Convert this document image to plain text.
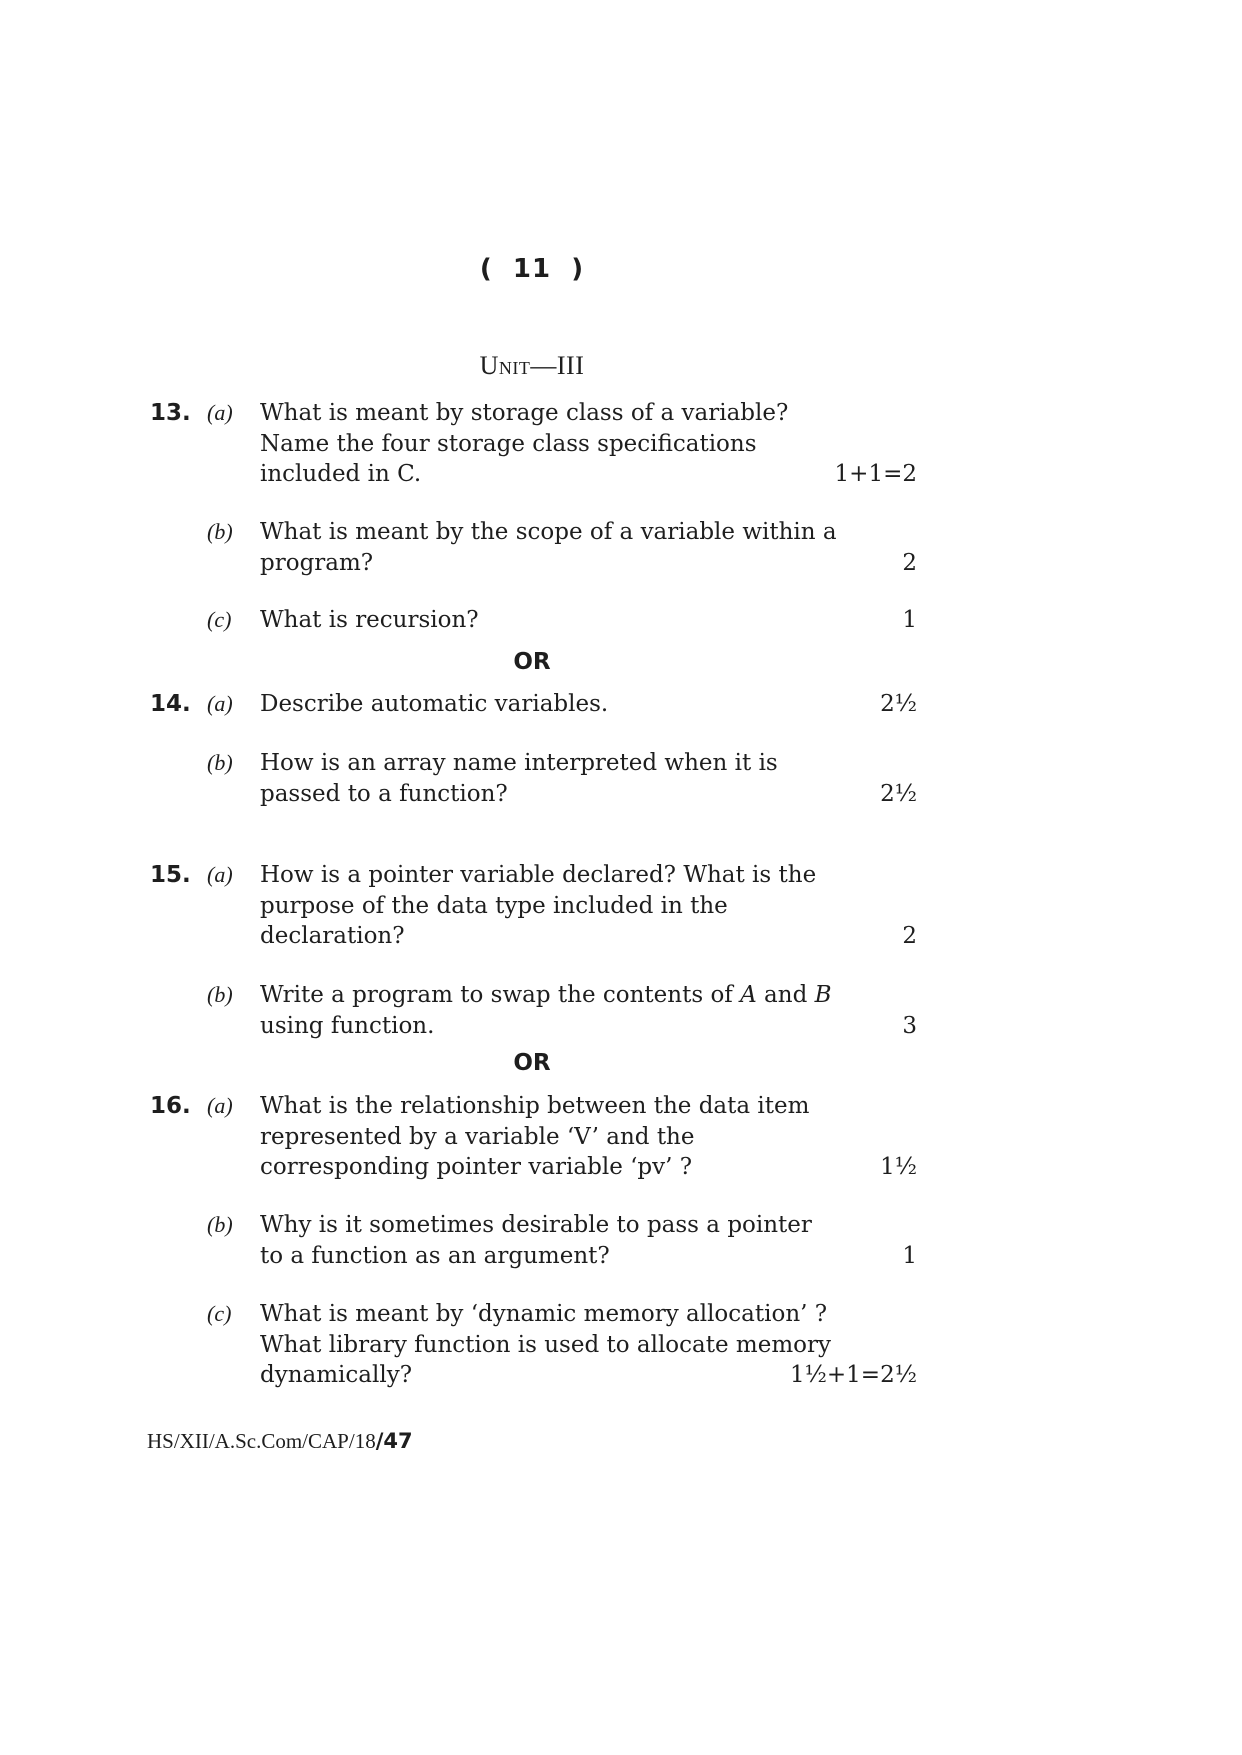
( 11 )
Unit—III
13. (a) What is meant by storage class of a variable?
Name the four storage class specifications
included in C.	1+1=2
(b) What is meant by the scope of a variable within a
program?	2
(c) What is recursion?	1
OR
14. (a) Describe automatic variables.	2½
(b) How is an array name interpreted when it is
passed to a function?	2½
15. (a) How is a pointer variable declared? What is the
purpose of the data type included in the
declaration?	2
(b) Write a program to swap the contents of A and B
using function.	3
OR
16. (a) What is the relationship between the data item
represented by a variable ‘V’ and the
corresponding pointer variable ‘pv’ ?	1½
(b) Why is it sometimes desirable to pass a pointer
to a function as an argument?	1
(c) What is meant by ‘dynamic memory allocation’ ?
What library function is used to allocate memory
dynamically?	1½+1=2½
HS/XII/A.Sc.Com/CAP/18/47
